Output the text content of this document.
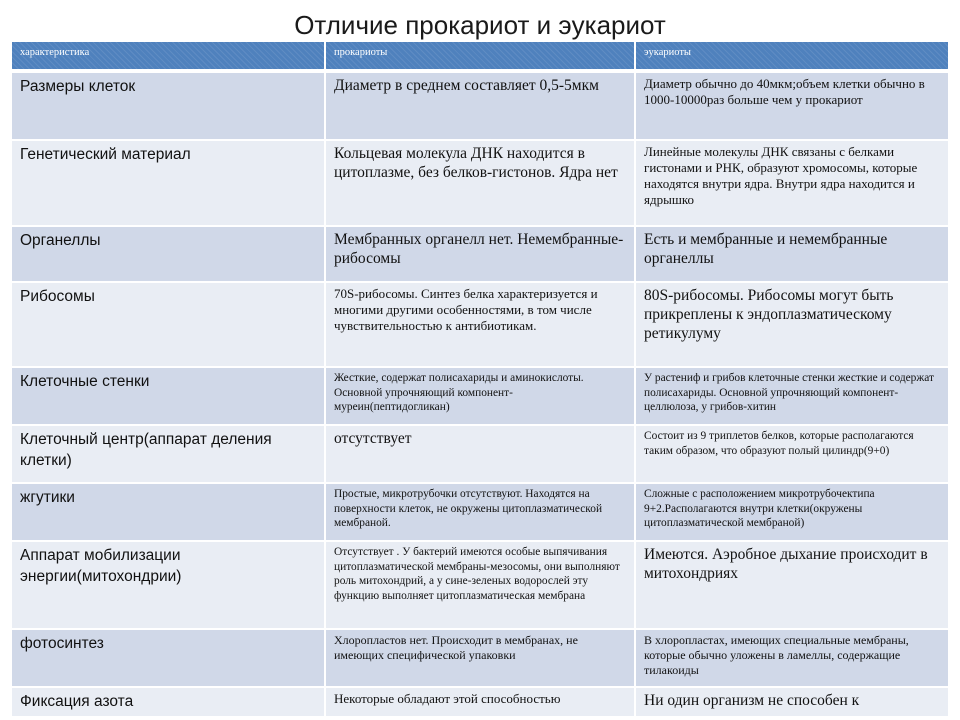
Отличие прокариот и эукариот
характеристика	прокариоты	эукариоты
Размеры клеток	Диаметр в среднем составляет 0,5-5мкм	Диаметр обычно до 40мкм;объем клетки обычно в 1000-10000раз больше чем у прокариот
Генетический материал	Кольцевая молекула ДНК находится в цитоплазме, без белков-гистонов. Ядра нет	Линейные молекулы ДНК связаны с белками гистонами и РНК, образуют хромосомы, которые находятся внутри ядра. Внутри ядра находится и ядрышко
Органеллы	Мембранных органелл нет. Немембранные-рибосомы	Есть и мембранные и немембранные органеллы
Рибосомы	70S-рибосомы. Синтез белка характеризуется и многими другими особенностями, в том числе чувствительностью к антибиотикам.	80S-рибосомы. Рибосомы могут быть прикреплены к эндоплазматическому ретикулуму
Клеточные стенки	Жесткие, содержат полисахариды и аминокислоты. Основной упрочняющий компонент-муреин(пептидогликан)	У растениф и грибов клеточные стенки жесткие и содержат полисахариды. Основной упрочняющий компонент-целлюлоза, у грибов-хитин
Клеточный центр(аппарат деления клетки)	отсутствует	Состоит из 9 триплетов белков, которые располагаются таким образом, что образуют полый цилиндр(9+0)
жгутики	Простые, микротрубочки отсутствуют. Находятся на поверхности клеток, не окружены цитоплазматической мембраной.	Сложные с расположением микротрубочектипа 9+2.Располагаются внутри клетки(окружены цитоплазматической мембраной)
Аппарат мобилизации энергии(митохондрии)	Отсутствует . У бактерий имеются особые выпячивания цитоплазматической мембраны-мезосомы, они выполняют роль митохондрий, а у сине-зеленых водорослей эту функцию выполняет цитоплазматическая мембрана	Имеются. Аэробное дыхание происходит в митохондриях
фотосинтез	Хлоропластов нет. Происходит в мембранах, не имеющих специфической упаковки	В хлоропластах, имеющих специальные мембраны, которые обычно уложены в ламеллы, содержащие тилакоиды
Фиксация азота	Некоторые обладают этой способностью	Ни один организм не способен к
